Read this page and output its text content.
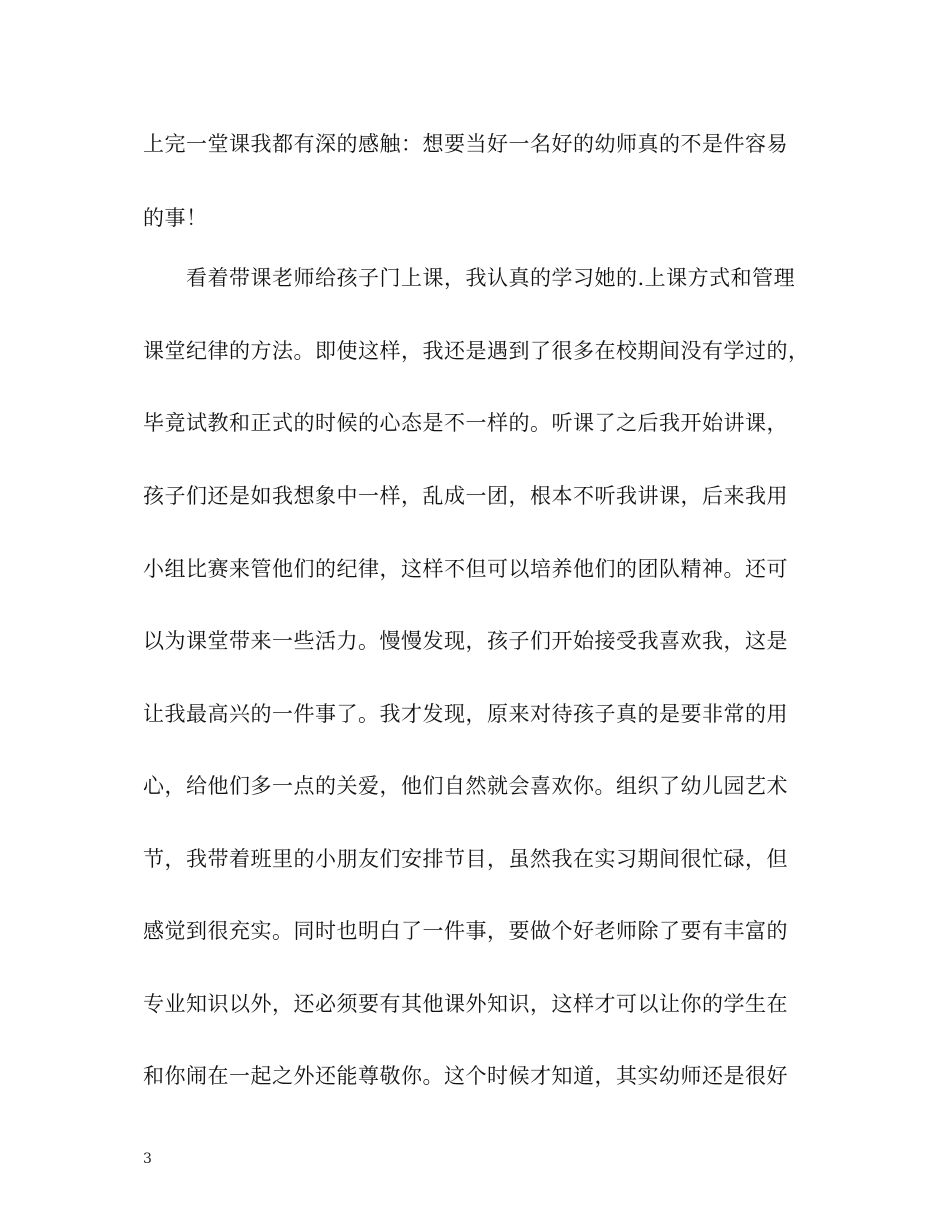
上完一堂课我都有深的感触：想要当好一名好的幼师真的不是件容易
的事！
　　看着带课老师给孩子门上课，我认真的学习她的.上课方式和管理
课堂纪律的方法。即使这样，我还是遇到了很多在校期间没有学过的，
毕竟试教和正式的时候的心态是不一样的。听课了之后我开始讲课，
孩子们还是如我想象中一样，乱成一团，根本不听我讲课，后来我用
小组比赛来管他们的纪律，这样不但可以培养他们的团队精神。还可
以为课堂带来一些活力。慢慢发现，孩子们开始接受我喜欢我，这是
让我最高兴的一件事了。我才发现，原来对待孩子真的是要非常的用
心，给他们多一点的关爱，他们自然就会喜欢你。组织了幼儿园艺术
节，我带着班里的小朋友们安排节目，虽然我在实习期间很忙碌，但
感觉到很充实。同时也明白了一件事，要做个好老师除了要有丰富的
专业知识以外，还必须要有其他课外知识，这样才可以让你的学生在
和你闹在一起之外还能尊敬你。这个时候才知道，其实幼师还是很好
3
